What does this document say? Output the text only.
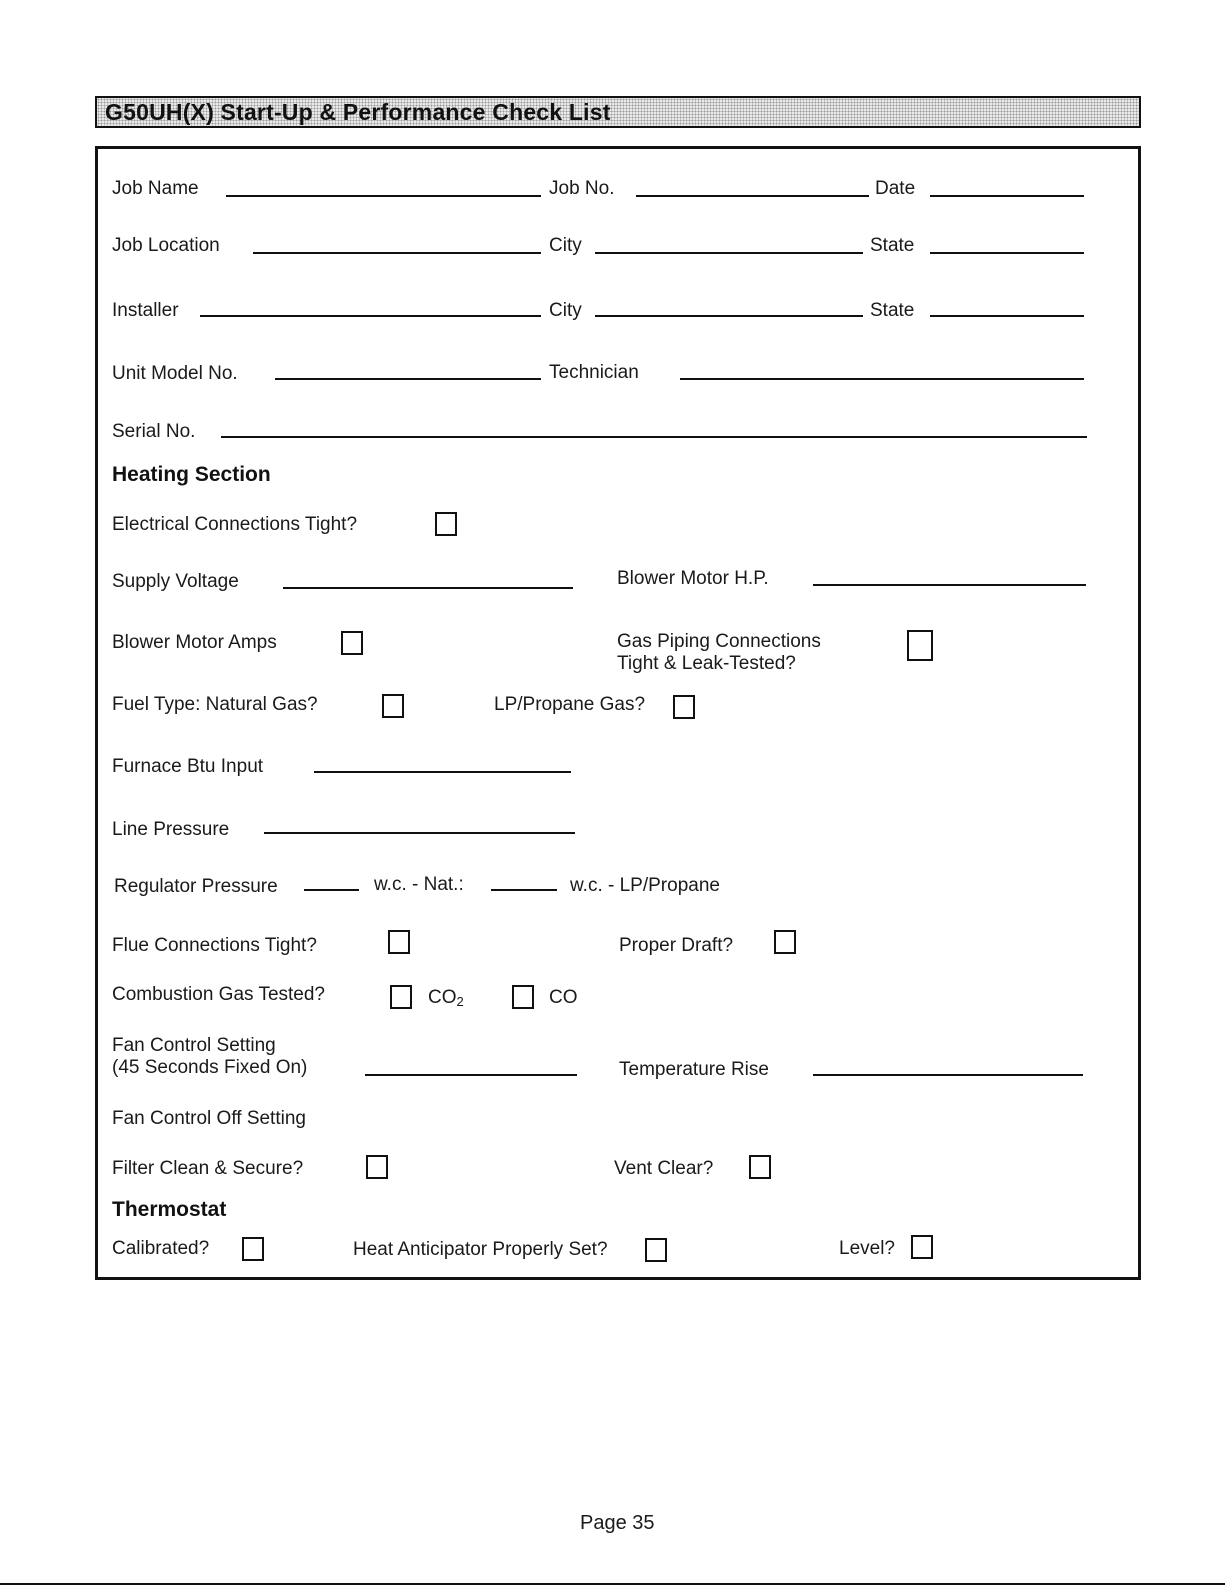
G50UH(X) Start-Up & Performance Check List
Job Name	Job No.	Date
Job Location	City	State
Installer	City	State
Unit Model No.	Technician
Serial No.
Heating Section
Electrical Connections Tight?
Supply Voltage	Blower Motor H.P.
Blower Motor Amps	Gas Piping Connections
Tight & Leak-Tested?
Fuel Type: Natural Gas?	LP/Propane Gas?
Furnace Btu Input
Line Pressure
Regulator Pressure	w.c. - Nat.:	w.c. - LP/Propane
Flue Connections Tight?	Proper Draft?
Combustion Gas Tested?	$CO_2$	CO
Fan Control Setting
(45 Seconds Fixed On)	Temperature Rise
Fan Control Off Setting
Filter Clean & Secure?	Vent Clear?
Thermostat
Calibrated?	Heat Anticipator Properly Set?	Level?
Page 35
